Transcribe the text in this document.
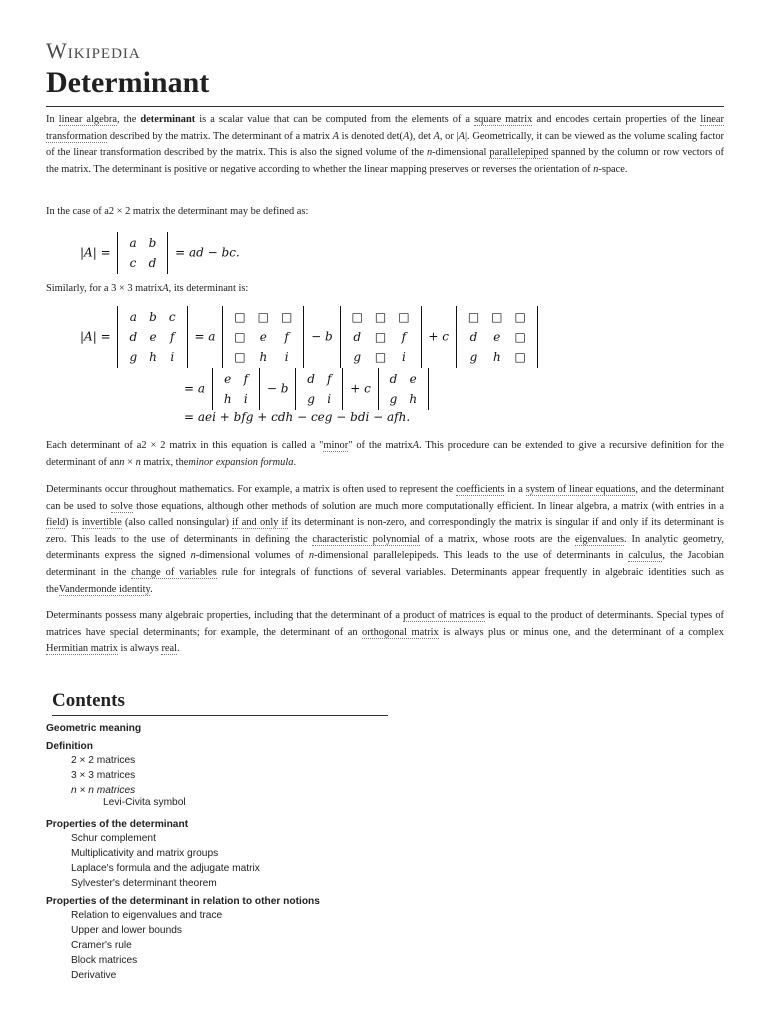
Wikipedia
Determinant

In linear algebra, the determinant is a scalar value that can be computed from the elements of a square matrix and encodes certain properties of the linear transformation described by the matrix. The determinant of a matrix A is denoted det(A), det A, or |A|. Geometrically, it can be viewed as the volume scaling factor of the linear transformation described by the matrix. This is also the signed volume of the n-dimensional parallelepiped spanned by the column or row vectors of the matrix. The determinant is positive or negative according to whether the linear mapping preserves or reverses the orientation of n-space.

In the case of a2 × 2 matrix the determinant may be defined as:

|A| =
a	b
c	d
= ad − bc.

Similarly, for a 3 × 3 matrixA, its determinant is:

|A| =
a	b	c
d	e	f
g	h	i
= a
□	□	□
□	e	f
□	h	i
− b
□	□	□
d	□	f
g	□	i
+ c
□	□	□
d	e	□
g	h	□
= a
e	f
h	i
− b
d	f
g	i
+ c
d	e
g	h
= aei + bfg + cdh − ceg − bdi − afh.

Each determinant of a2 × 2 matrix in this equation is called a "minor" of the matrixA. This procedure can be extended to give a recursive definition for the determinant of ann × n matrix, theminor expansion formula.

Determinants occur throughout mathematics. For example, a matrix is often used to represent the coefficients in a system of linear equations, and the determinant can be used to solve those equations, although other methods of solution are much more computationally efficient. In linear algebra, a matrix (with entries in a field) is invertible (also called nonsingular) if and only if its determinant is non-zero, and correspondingly the matrix is singular if and only if its determinant is zero. This leads to the use of determinants in defining the characteristic polynomial of a matrix, whose roots are the eigenvalues. In analytic geometry, determinants express the signed n-dimensional volumes of n-dimensional parallelepipeds. This leads to the use of determinants in calculus, the Jacobian determinant in the change of variables rule for integrals of functions of several variables. Determinants appear frequently in algebraic identities such as theVandermonde identity.

Determinants possess many algebraic properties, including that the determinant of a product of matrices is equal to the product of determinants. Special types of matrices have special determinants; for example, the determinant of an orthogonal matrix is always plus or minus one, and the determinant of a complex Hermitian matrix is always real.

Contents
Geometric meaning
Definition
2 × 2 matrices
3 × 3 matrices
n × n matrices
Levi-Civita symbol
Properties of the determinant
Schur complement
Multiplicativity and matrix groups
Laplace's formula and the adjugate matrix
Sylvester's determinant theorem
Properties of the determinant in relation to other notions
Relation to eigenvalues and trace
Upper and lower bounds
Cramer's rule
Block matrices
Derivative
